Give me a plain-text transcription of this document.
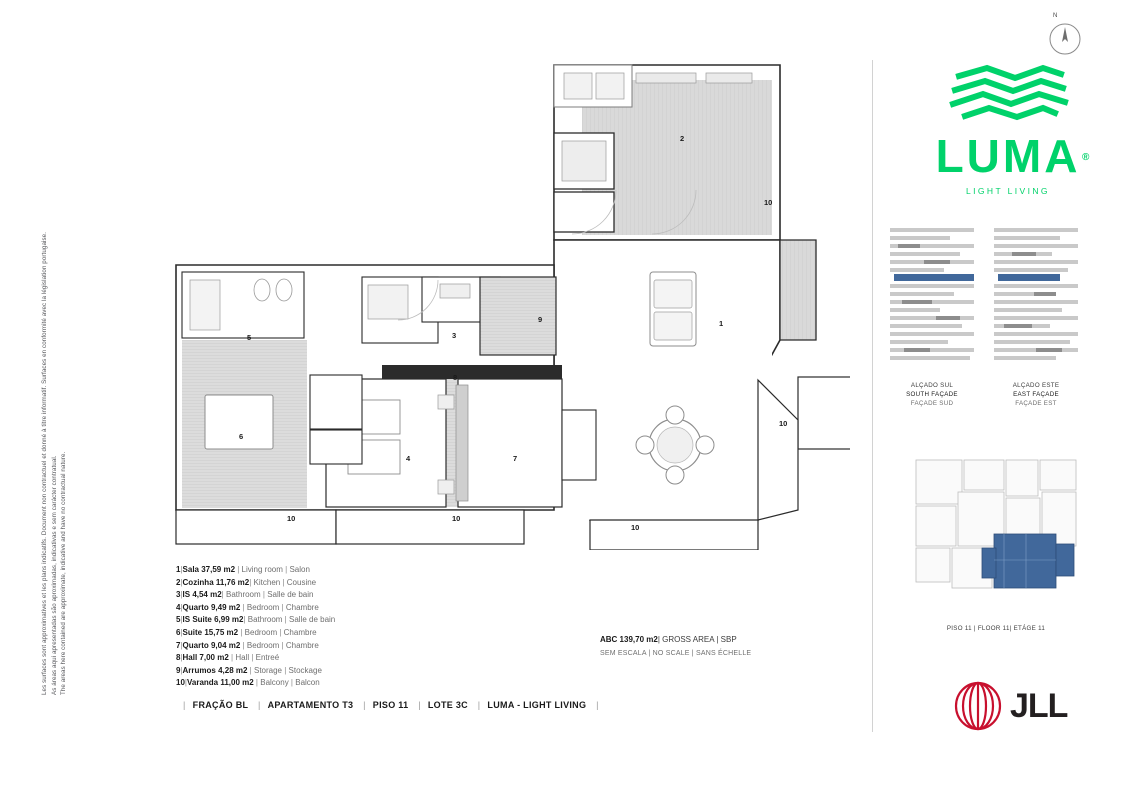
Les surfaces sont approximatives et les plans indicatifs. Document non contractuel et donné à titre informatif. Surfaces en conformité avec la législation portugaise. As áreas aqui apresentadas são aproximadas, indicativas e sem carácter contratual. The areas here contained are approximate, indicative and have no contractual nature.
1
2
3
4
5
6
7
8
9
10
10
10	10
10
1|Sala 37,59 m2 | Living room | Salon
2|Cozinha 11,76 m2| Kitchen | Cousine
3|IS 4,54 m2| Bathroom | Salle de bain
4|Quarto 9,49 m2 | Bedroom | Chambre
5|IS Suite 6,99 m2| Bathroom | Salle de bain
6|Suite 15,75 m2 | Bedroom | Chambre
7|Quarto 9,04 m2 | Bedroom | Chambre
8|Hall 7,00 m2 | Hall | Entreé
9|Arrumos 4,28 m2 | Storage | Stockage
10|Varanda 11,00 m2 | Balcony | Balcon
ABC 139,70 m2| GROSS AREA | SBP
SEM ESCALA | NO SCALE | SANS ÉCHELLE
| FRAÇÃO BL | APARTAMENTO T3 | PISO 11 | LOTE 3C | LUMA - LIGHT LIVING |
N
LUMA ®
LIGHT LIVING
ALÇADO SUL
SOUTH FAÇADE
FAÇADE SUD
ALÇADO ESTE
EAST FAÇADE
FAÇADE EST
PISO 11 | FLOOR 11| ETÁGE 11
JLL
